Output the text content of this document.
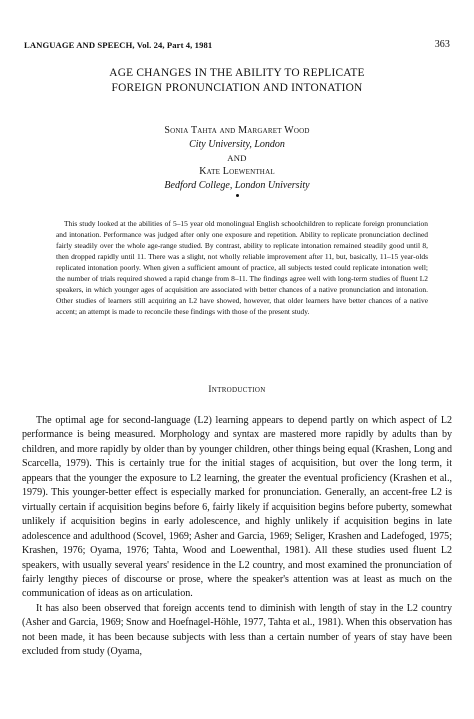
LANGUAGE AND SPEECH, Vol. 24, Part 4, 1981	363
AGE CHANGES IN THE ABILITY TO REPLICATE
FOREIGN PRONUNCIATION AND INTONATION
Sonia Tahta and Margaret Wood
City University, London
AND
Kate Loewenthal
Bedford College, London University

This study looked at the abilities of 5–15 year old monolingual English schoolchildren to replicate foreign pronunciation and intonation. Performance was judged after only one exposure and repetition. Ability to replicate pronunciation declined fairly steadily over the whole age-range studied. By contrast, ability to replicate intonation remained steadily good until 8, then dropped rapidly until 11. There was a slight, not wholly reliable improvement after 11, but, basically, 11–15 year-olds replicated intonation poorly. When given a sufficient amount of practice, all subjects tested could replicate intonation well; the number of trials required showed a rapid change from 8–11. The findings agree well with long-term studies of fluent L2 speakers, in which younger ages of acquisition are associated with better chances of a native pronunciation and intonation. Other studies of learners still acquiring an L2 have showed, however, that older learners have better chances of a native accent; an attempt is made to reconcile these findings with those of the present study.

Introduction

The optimal age for second-language (L2) learning appears to depend partly on which aspect of L2 performance is being measured. Morphology and syntax are mastered more rapidly by adults than by children, and more rapidly by older than by younger children, other things being equal (Krashen, Long and Scarcella, 1979). This is certainly true for the initial stages of acquisition, but over the long term, it appears that the younger the exposure to L2 learning, the greater the eventual proficiency (Krashen et al., 1979). This younger-better effect is especially marked for pronunciation. Generally, an accent-free L2 is virtually certain if acquisition begins before 6, fairly likely if acquisition begins before puberty, somewhat unlikely if acquisition begins in early adolescence, and highly unlikely if acquisition begins in late adolescence and adulthood (Scovel, 1969; Asher and Garcia, 1969; Seliger, Krashen and Ladefoged, 1975; Krashen, 1976; Oyama, 1976; Tahta, Wood and Loewenthal, 1981). All these studies used fluent L2 speakers, with usually several years' residence in the L2 country, and most examined the pronunciation of fairly lengthy pieces of discourse or prose, where the speaker's attention was at least as much on the communication of ideas as on articulation.

It has also been observed that foreign accents tend to diminish with length of stay in the L2 country (Asher and Garcia, 1969; Snow and Hoefnagel-Höhle, 1977, Tahta et al., 1981). When this observation has not been made, it has been because subjects with less than a certain number of years of stay have been excluded from study (Oyama,
